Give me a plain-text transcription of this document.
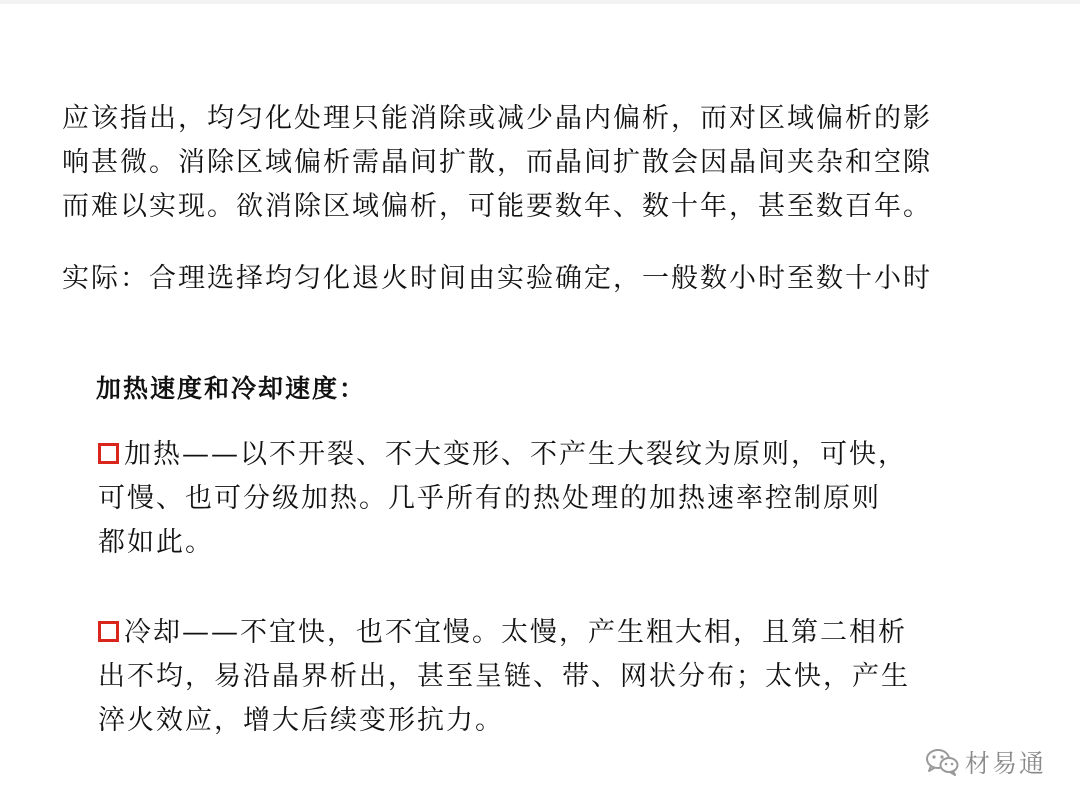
应该指出，均匀化处理只能消除或减少晶内偏析，而对区域偏析的影
响甚微。消除区域偏析需晶间扩散，而晶间扩散会因晶间夹杂和空隙
而难以实现。欲消除区域偏析，可能要数年、数十年，甚至数百年。
实际：合理选择均匀化退火时间由实验确定，一般数小时至数十小时
加热速度和冷却速度：
加热——以不开裂、不大变形、不产生大裂纹为原则，可快，
可慢、也可分级加热。几乎所有的热处理的加热速率控制原则
都如此。
冷却——不宜快，也不宜慢。太慢，产生粗大相，且第二相析
出不均，易沿晶界析出，甚至呈链、带、网状分布；太快，产生
淬火效应，增大后续变形抗力。
材易通
